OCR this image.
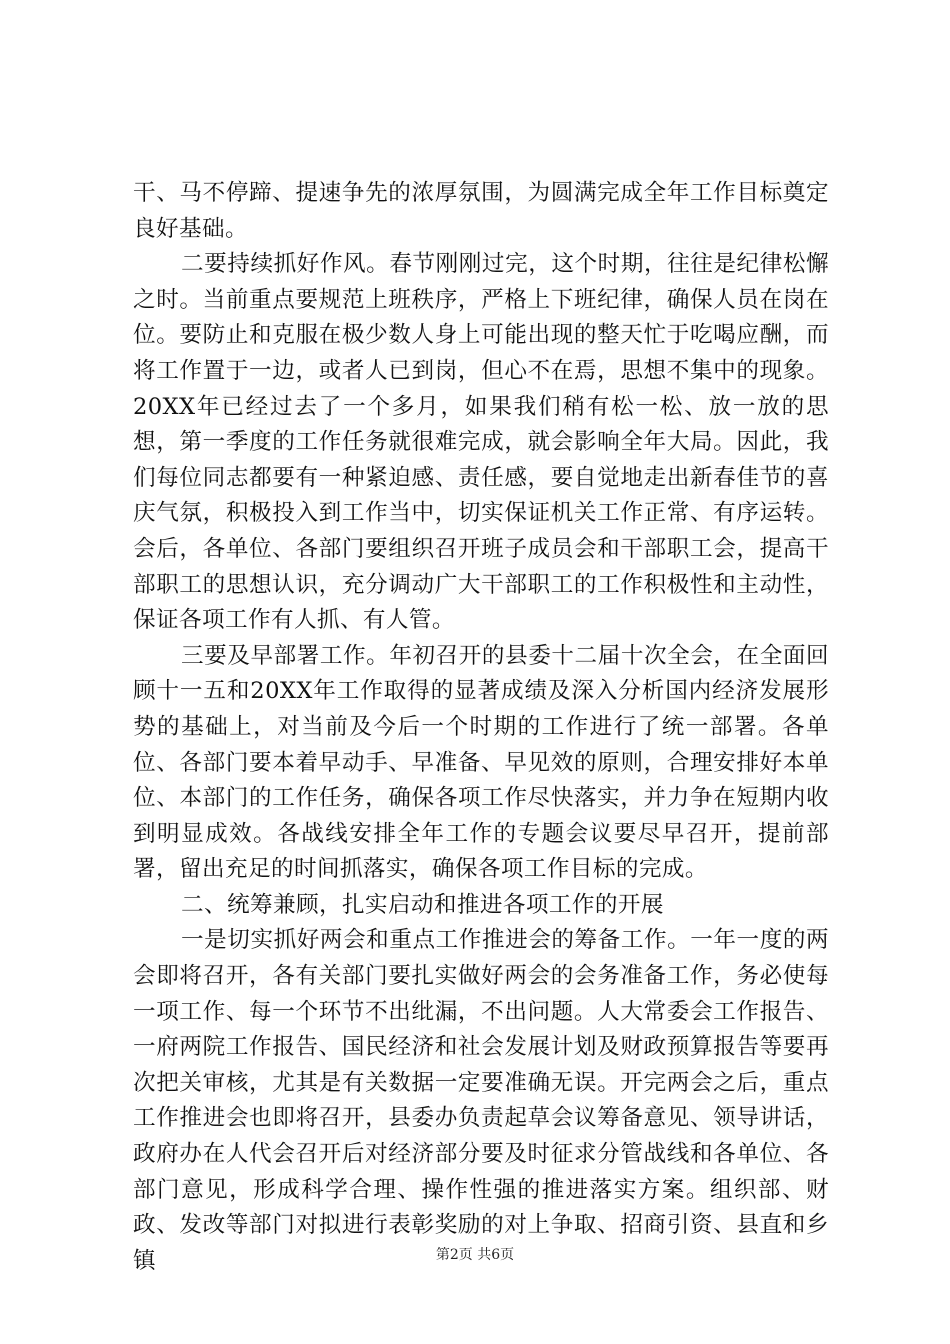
干、马不停蹄、提速争先的浓厚氛围，为圆满完成全年工作目标奠定良好基础。

二要持续抓好作风。春节刚刚过完，这个时期，往往是纪律松懈之时。当前重点要规范上班秩序，严格上下班纪律，确保人员在岗在位。要防止和克服在极少数人身上可能出现的整天忙于吃喝应酬，而将工作置于一边，或者人已到岗，但心不在焉，思想不集中的现象。20XX年已经过去了一个多月，如果我们稍有松一松、放一放的思想，第一季度的工作任务就很难完成，就会影响全年大局。因此，我们每位同志都要有一种紧迫感、责任感，要自觉地走出新春佳节的喜庆气氛，积极投入到工作当中，切实保证机关工作正常、有序运转。会后，各单位、各部门要组织召开班子成员会和干部职工会，提高干部职工的思想认识，充分调动广大干部职工的工作积极性和主动性，保证各项工作有人抓、有人管。

三要及早部署工作。年初召开的县委十二届十次全会，在全面回顾十一五和20XX年工作取得的显著成绩及深入分析国内经济发展形势的基础上，对当前及今后一个时期的工作进行了统一部署。各单位、各部门要本着早动手、早准备、早见效的原则，合理安排好本单位、本部门的工作任务，确保各项工作尽快落实，并力争在短期内收到明显成效。各战线安排全年工作的专题会议要尽早召开，提前部署，留出充足的时间抓落实，确保各项工作目标的完成。

二、统筹兼顾，扎实启动和推进各项工作的开展

一是切实抓好两会和重点工作推进会的筹备工作。一年一度的两会即将召开，各有关部门要扎实做好两会的会务准备工作，务必使每一项工作、每一个环节不出纰漏，不出问题。人大常委会工作报告、一府两院工作报告、国民经济和社会发展计划及财政预算报告等要再次把关审核，尤其是有关数据一定要准确无误。开完两会之后，重点工作推进会也即将召开，县委办负责起草会议筹备意见、领导讲话，政府办在人代会召开后对经济部分要及时征求分管战线和各单位、各部门意见，形成科学合理、操作性强的推进落实方案。组织部、财政、发改等部门对拟进行表彰奖励的对上争取、招商引资、县直和乡镇	第2页 共6页
